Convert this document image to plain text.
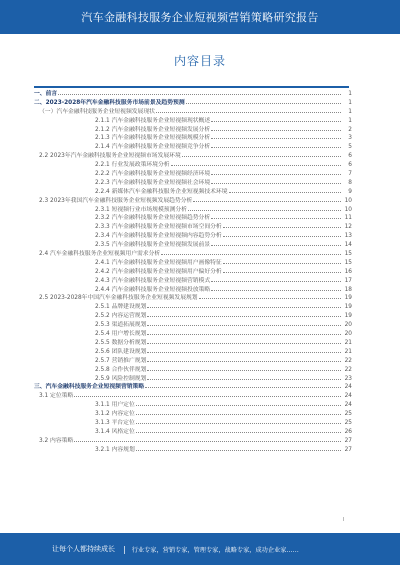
汽车金融科技服务企业短视频营销策略研究报告
内容目录
一、前言	1
二、2023-2028年汽车金融科技服务市场前景及趋势预测	1
（一）汽车金融科技服务企业短视频发展现状	1
2.1.1 汽车金融科技服务企业短视频现状概述	1
2.1.2 汽车金融科技服务企业短视频发展分析	2
2.1.3 汽车金融科技服务企业短视频规模分析	3
2.1.4 汽车金融科技服务企业短视频竞争分析	5
2.2 2023年汽车金融科技服务企业短视频市场发展环境	6
2.2.1 行业发展政策环境分析	6
2.2.2 汽车金融科技服务企业短视频经济环境	7
2.2.3 汽车金融科技服务企业短视频社会环境	8
2.2.4 新媒体汽车金融科技服务企业短视频技术环境	9
2.3 2023年我国汽车金融科技服务企业短视频发展趋势分析	10
2.3.1 短视频行业市场规模预测分析	10
2.3.2 汽车金融科技服务企业短视频趋势分析	11
2.3.3 汽车金融科技服务企业短视频市场空间分析	12
2.3.4 汽车金融科技服务企业短视频内容趋势分析	13
2.3.5 汽车金融科技服务企业短视频发展前景	14
2.4 汽车金融科技服务企业短视频用户需求分析	15
2.4.1 汽车金融科技服务企业短视频用户画像特征	15
2.4.2 汽车金融科技服务企业短视频用户偏好分析	16
2.4.3 汽车金融科技服务企业短视频营销模式	17
2.4.4 汽车金融科技服务企业短视频投放策略	18
2.5 2023-2028年中国汽车金融科技服务企业短视频发展规划	19
2.5.1 品牌建设规划	19
2.5.2 内容运营规划	19
2.5.3 渠道拓展规划	20
2.5.4 用户增长规划	20
2.5.5 数据分析规划	21
2.5.6 团队建设规划	21
2.5.7 营销推广规划	22
2.5.8 合作伙伴规划	22
2.5.9 风险控制规划	23
三、汽车金融科技服务企业短视频营销策略	24
3.1 定位策略	24
3.1.1 用户定位	24
3.1.2 内容定位	25
3.1.3 平台定位	25
3.1.4 风格定位	26
3.2 内容策略	27
3.2.1 内容规划	27
I
让每个人都持续成长 | 行业专家，营销专家，管理专家，战略专家，成功企业家……
